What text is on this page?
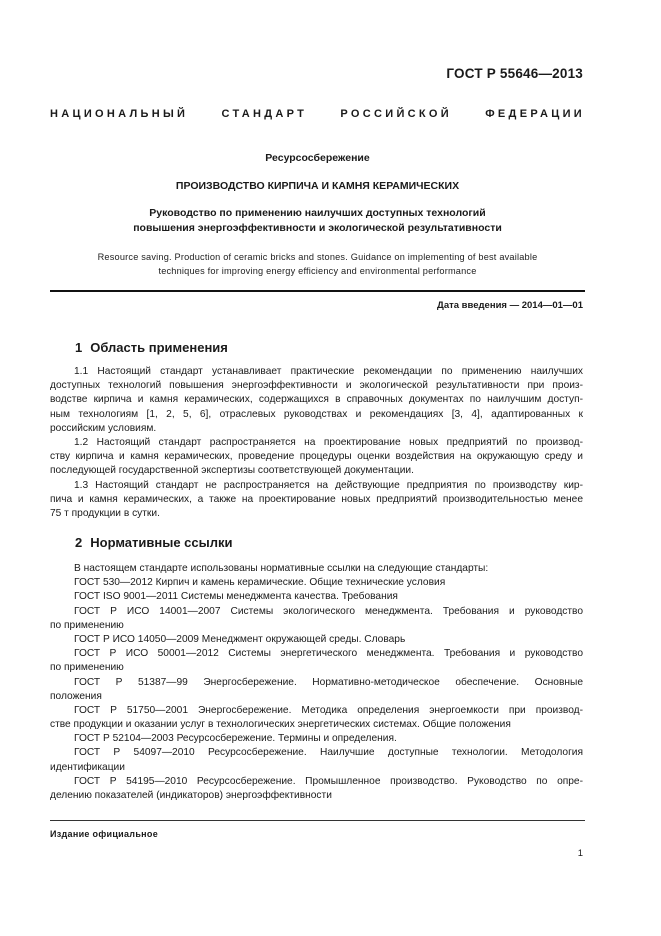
ГОСТ Р 55646—2013
НАЦИОНАЛЬНЫЙ СТАНДАРТ РОССИЙСКОЙ ФЕДЕРАЦИИ
Ресурсосбережение
ПРОИЗВОДСТВО КИРПИЧА И КАМНЯ КЕРАМИЧЕСКИХ
Руководство по применению наилучших доступных технологий
повышения энергоэффективности и экологической результативности
Resource saving. Production of ceramic bricks and stones. Guidance on implementing of best available
techniques for improving energy efficiency and environmental performance
Дата введения — 2014—01—01
1 Область применения
1.1 Настоящий стандарт устанавливает практические рекомендации по применению наилучших
доступных технологий повышения энергоэффективности и экологической результативности при произ-
водстве кирпича и камня керамических, содержащихся в справочных документах по наилучшим доступ-
ным технологиям [1, 2, 5, 6], отраслевых руководствах и рекомендациях [3, 4], адаптированных к
российским условиям.
1.2 Настоящий стандарт распространяется на проектирование новых предприятий по производ-
ству кирпича и камня керамических, проведение процедуры оценки воздействия на окружающую среду и
последующей государственной экспертизы соответствующей документации.
1.3 Настоящий стандарт не распространяется на действующие предприятия по производству кир-
пича и камня керамических, а также на проектирование новых предприятий производительностью менее
75 т продукции в сутки.
2 Нормативные ссылки
В настоящем стандарте использованы нормативные ссылки на следующие стандарты:
ГОСТ 530—2012 Кирпич и камень керамические. Общие технические условия
ГОСТ ISO 9001—2011 Системы менеджмента качества. Требования
ГОСТ Р ИСО 14001—2007 Системы экологического менеджмента. Требования и руководство
по применению
ГОСТ Р ИСО 14050—2009 Менеджмент окружающей среды. Словарь
ГОСТ Р ИСО 50001—2012 Системы энергетического менеджмента. Требования и руководство
по применению
ГОСТ Р 51387—99 Энергосбережение. Нормативно-методическое обеспечение. Основные
положения
ГОСТ Р 51750—2001 Энергосбережение. Методика определения энергоемкости при производ-
стве продукции и оказании услуг в технологических энергетических системах. Общие положения
ГОСТ Р 52104—2003 Ресурсосбережение. Термины и определения.
ГОСТ Р 54097—2010 Ресурсосбережение. Наилучшие доступные технологии. Методология
идентификации
ГОСТ Р 54195—2010 Ресурсосбережение. Промышленное производство. Руководство по опре-
делению показателей (индикаторов) энергоэффективности
Издание официальное
1
